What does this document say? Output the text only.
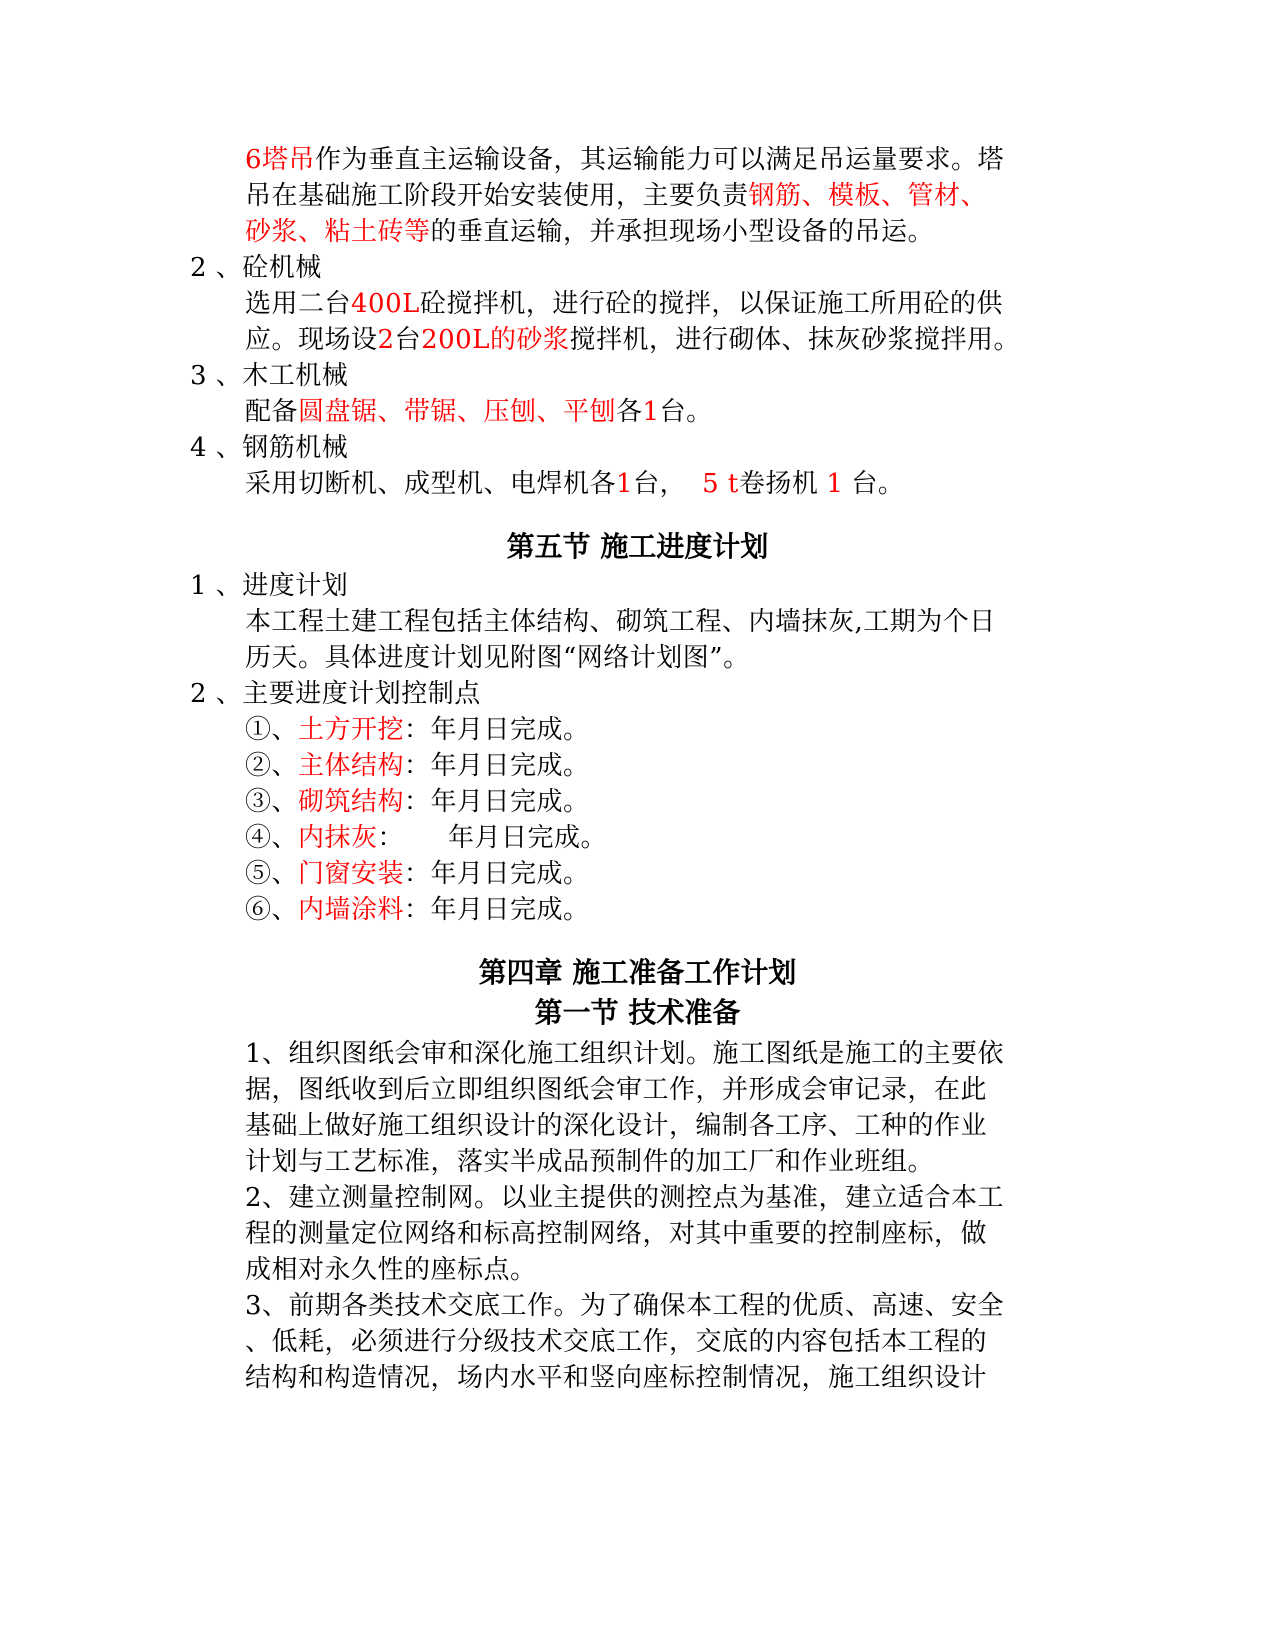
6塔吊作为垂直主运输设备，其运输能力可以满足吊运量要求。塔
吊在基础施工阶段开始安装使用，主要负责钢筋、模板、管材、
砂浆、粘土砖等的垂直运输，并承担现场小型设备的吊运。
2 、砼机械
选用二台400L砼搅拌机，进行砼的搅拌，以保证施工所用砼的供
应。现场设2台200L的砂浆搅拌机，进行砌体、抹灰砂浆搅拌用。
3 、木工机械
配备圆盘锯、带锯、压刨、平刨各1台。
4 、钢筋机械
采用切断机、成型机、电焊机各1台， 5 t卷扬机 1 台。
第五节 施工进度计划
1 、进度计划
本工程土建工程包括主体结构、砌筑工程、内墙抹灰,工期为个日
历天。具体进度计划见附图“网络计划图”。
2 、主要进度计划控制点
①、土方开挖：年月日完成。
②、主体结构：年月日完成。
③、砌筑结构：年月日完成。
④、内抹灰： 年月日完成。
⑤、门窗安装：年月日完成。
⑥、内墙涂料：年月日完成。
第四章 施工准备工作计划
第一节 技术准备
1、组织图纸会审和深化施工组织计划。施工图纸是施工的主要依
据，图纸收到后立即组织图纸会审工作，并形成会审记录，在此
基础上做好施工组织设计的深化设计，编制各工序、工种的作业
计划与工艺标准，落实半成品预制件的加工厂和作业班组。
2、建立测量控制网。以业主提供的测控点为基准，建立适合本工
程的测量定位网络和标高控制网络，对其中重要的控制座标，做
成相对永久性的座标点。
3、前期各类技术交底工作。为了确保本工程的优质、高速、安全
、低耗，必须进行分级技术交底工作，交底的内容包括本工程的
结构和构造情况，场内水平和竖向座标控制情况，施工组织设计
